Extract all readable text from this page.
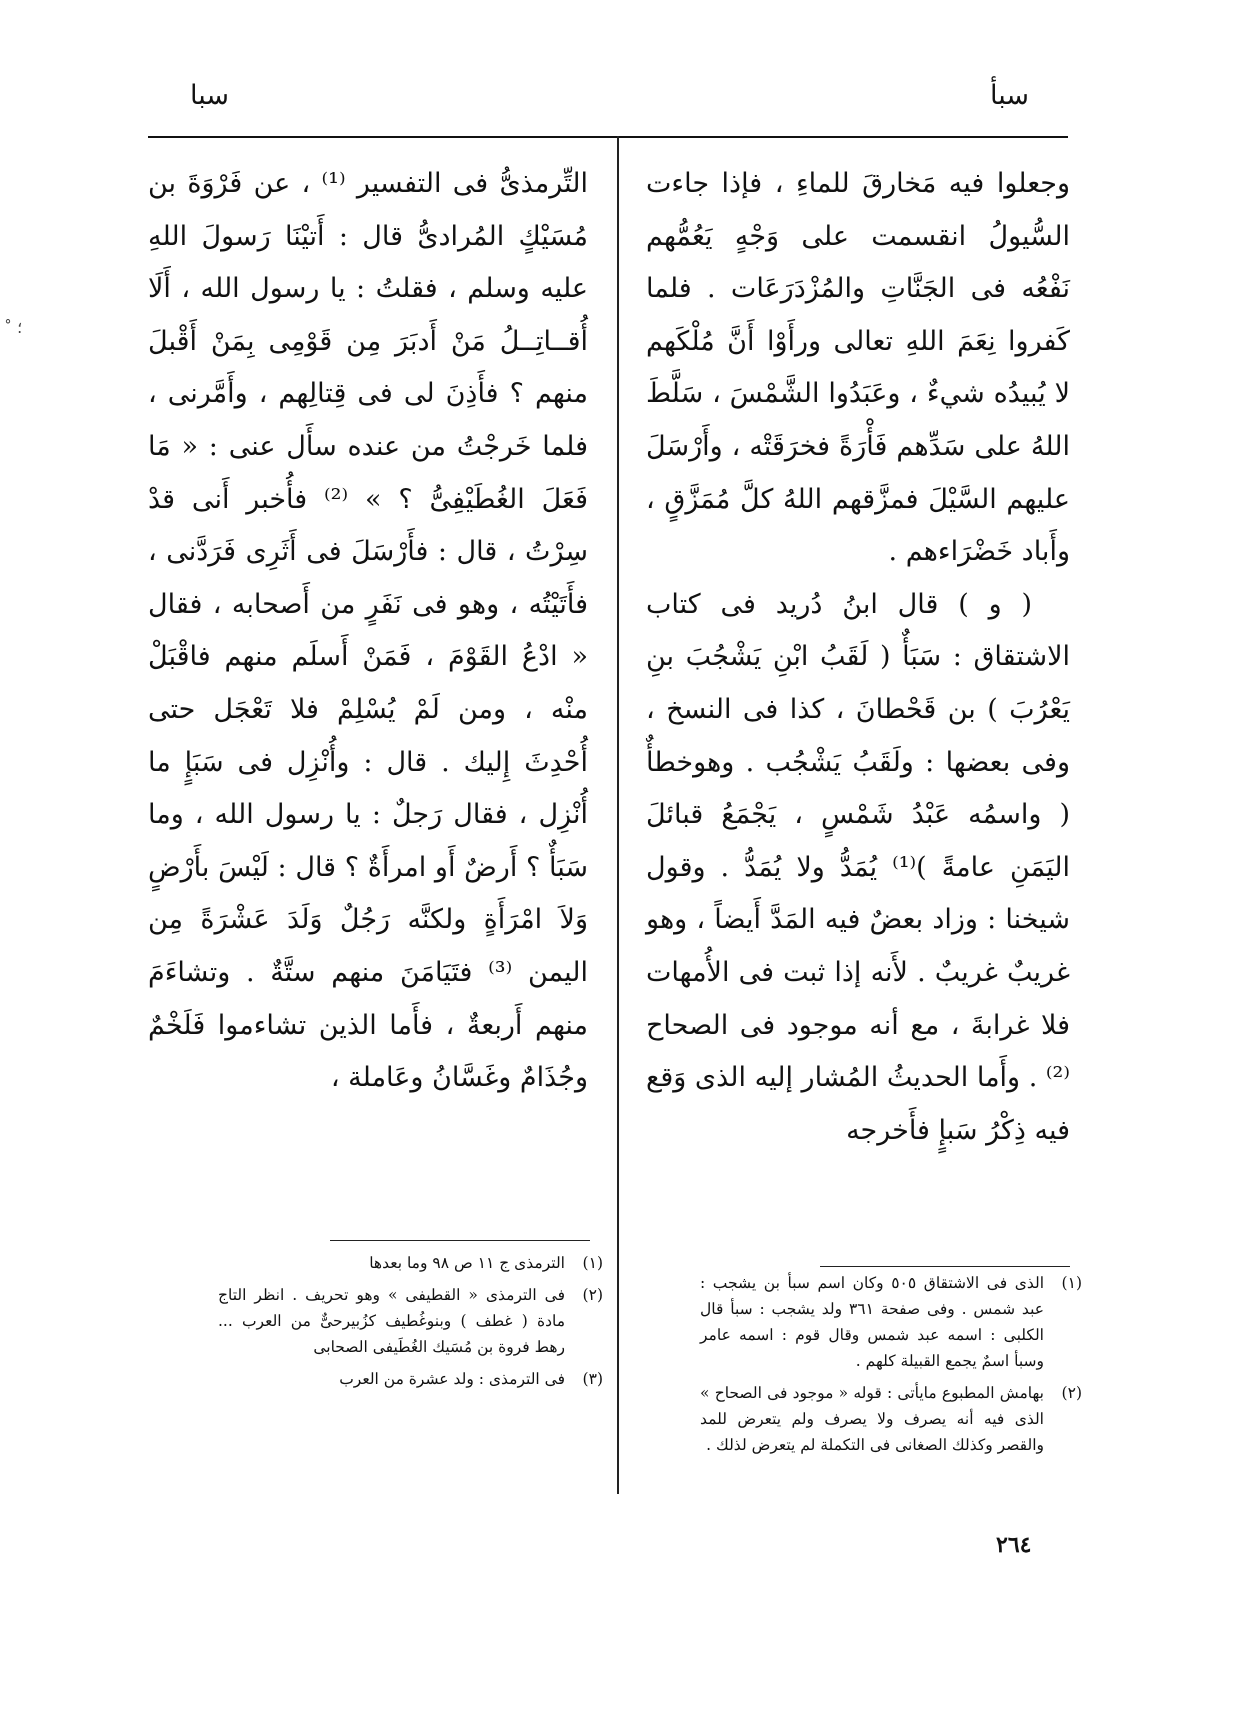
سبأ
سبا
˚ ؛

وجعلوا فيه مَخارقَ للماءِ ، فإذا جاءت السُّيولُ انقسمت على وَجْهٍ يَعُمُّهم نَفْعُه فى الجَنَّاتِ والمُزْدَرَعَات . فلما كَفروا نِعَمَ اللهِ تعالى ورأَوْا أَنَّ مُلْكَهم لا يُبيدُه شيءٌ ، وعَبَدُوا الشَّمْسَ ، سَلَّطَ اللهُ على سَدِّهم فَأْرَةً فخرَقَتْه ، وأَرْسَلَ عليهم السَّيْلَ فمزَّقهم اللهُ كلَّ مُمَزَّقٍ ، وأَباد خَضْرَاءهم .

( و ) قال ابنُ دُريد فى كتاب الاشتقاق : سَبَأٌ ( لَقَبُ ابْنِ يَشْجُبَ بنِ يَعْرُبَ ) بن قَحْطانَ ، كذا فى النسخ ، وفى بعضها : ولَقَبُ يَشْجُب . وهوخطأٌ ( واسمُه عَبْدُ شَمْسٍ ، يَجْمَعُ قبائلَ اليَمَنِ عامةً )⁽¹⁾ يُمَدُّ ولا يُمَدُّ . وقول شيخنا : وزاد بعضٌ فيه المَدَّ أَيضاً ، وهو غريبٌ غريبٌ . لأَنه إذا ثبت فى الأُمهات فلا غرابةَ ، مع أنه موجود فى الصحاح ⁽²⁾ . وأَما الحديثُ المُشار إليه الذى وَقع فيه ذِكْرُ سَبإٍ فأَخرجه

التِّرمذىُّ فى التفسير ⁽¹⁾ ، عن فَرْوَةَ بن مُسَيْكٍ المُرادىُّ قال : أَتيْنَا رَسولَ اللهِ عليه وسلم ، فقلتُ : يا رسول الله ، أَلَا أُقــاتِــلُ مَنْ أَدبَرَ مِن قَوْمِى بِمَنْ أَقْبلَ منهم ؟ فأَذِنَ لى فى قِتالِهم ، وأَمَّرنى ، فلما خَرجْتُ من عنده سأَل عنى : « مَا فَعَلَ الغُطَيْفِىُّ ؟ » ⁽²⁾ فأُخبر أَنى قدْ سِرْتُ ، قال : فأَرْسَلَ فى أَثَرِى فَرَدَّنى ، فأَتَيْتُه ، وهو فى نَفَرٍ من أَصحابه ، فقال « ادْعُ القَوْمَ ، فَمَنْ أَسلَم منهم فاقْبَلْ منْه ، ومن لَمْ يُسْلِمْ فلا تَعْجَل حتى أُحْدِثَ إِليك . قال : وأُنْزِل فى سَبَإٍ ما أُنْزِل ، فقال رَجلٌ : يا رسول الله ، وما سَبَأٌ ؟ أَرضٌ أَو امرأَةٌ ؟ قال : لَيْسَ بأَرْضٍ وَلاَ امْرَأَةٍ ولكنَّه رَجُلٌ وَلَدَ عَشْرَةً مِن اليمن ⁽³⁾ فتَيَامَنَ منهم ستَّةٌ . وتشاءَمَ منهم أَربعةٌ ، فأَما الذين تشاءموا فَلَخْمٌ وجُذَامٌ وغَسَّانُ وعَاملة ،

(١)
الذى فى الاشتقاق ٥٠٥ وكان اسم سبأ بن يشجب : عبد شمس . وفى صفحة ٣٦١ ولد يشجب : سبأ قال الكلبى : اسمه عبد شمس وقال قوم : اسمه عامر وسبأ اسمٌ يجمع القبيلة كلهم .
(٢)
بهامش المطبوع مايأتى : قوله « موجود فى الصحاح » الذى فيه أنه يصرف ولا يصرف ولم يتعرض للمد والقصر وكذلك الصغانى فى التكملة لم يتعرض لذلك .
(١)
الترمذى ج ١١ ص ٩٨ وما بعدها
(٢)
فى الترمذى « القطيفى » وهو تحريف . انظر التاج مادة ( غطف ) وبنوغُطيف كزُبيرحىٌّ من العرب ... رهط فروة بن مُسَيك الغُطَيفى الصحابى
(٣)
فى الترمذى : ولد عشرة من العرب
٢٦٤
